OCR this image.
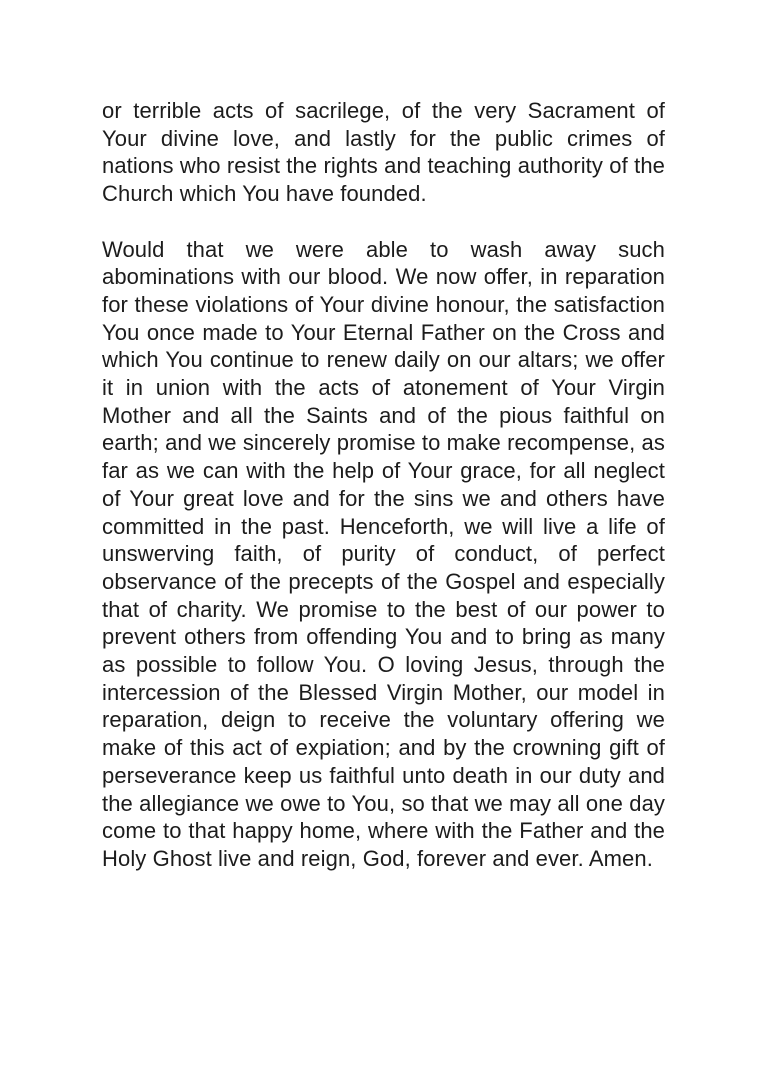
or terrible acts of sacrilege, of the very Sacrament of Your divine love, and lastly for the public crimes of nations who resist the rights and teaching authority of the Church which You have founded.

Would that we were able to wash away such abominations with our blood. We now offer, in reparation for these violations of Your divine honour, the satisfaction You once made to Your Eternal Father on the Cross and which You continue to renew daily on our altars; we offer it in union with the acts of atonement of Your Virgin Mother and all the Saints and of the pious faithful on earth; and we sincerely promise to make recompense, as far as we can with the help of Your grace, for all neglect of Your great love and for the sins we and others have committed in the past. Henceforth, we will live a life of unswerving faith, of purity of conduct, of perfect observance of the precepts of the Gospel and especially that of charity. We promise to the best of our power to prevent others from offending You and to bring as many as possible to follow You. O loving Jesus, through the intercession of the Blessed Virgin Mother, our model in reparation, deign to receive the voluntary offering we make of this act of expiation; and by the crowning gift of perseverance keep us faithful unto death in our duty and the allegiance we owe to You, so that we may all one day come to that happy home, where with the Father and the Holy Ghost live and reign, God, forever and ever. Amen.
